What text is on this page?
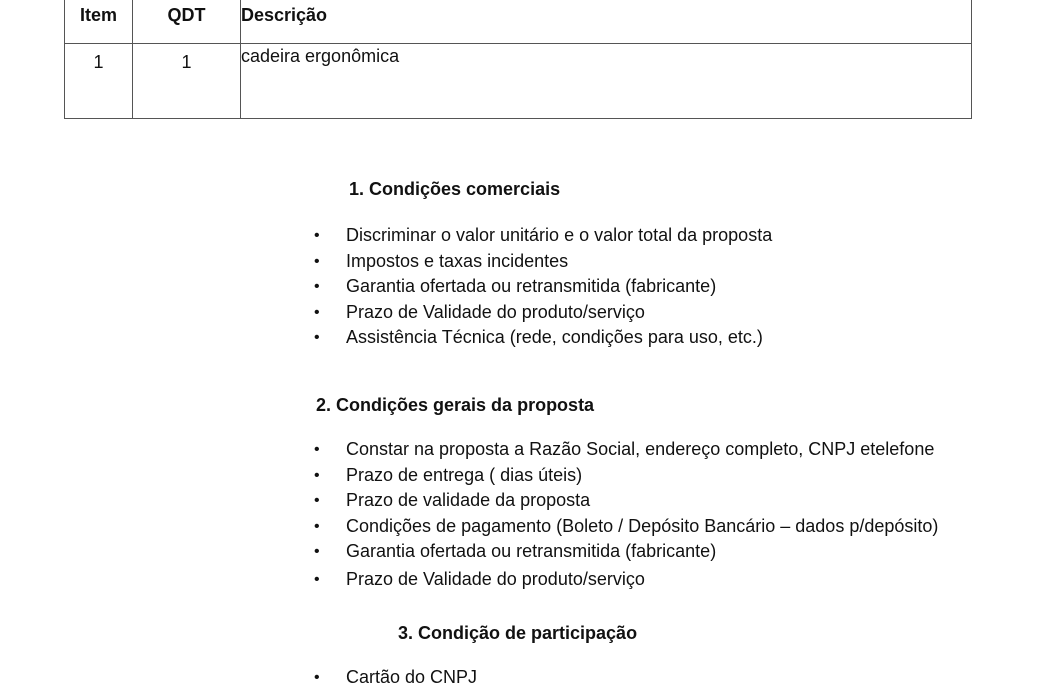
Item	QDT	Descrição
1	1	cadeira ergonômica
1. Condições comerciais
• Discriminar o valor unitário e o valor total da proposta
• Impostos e taxas incidentes
• Garantia ofertada ou retransmitida (fabricante)
• Prazo de Validade do produto/serviço
• Assistência Técnica (rede, condições para uso, etc.)
2. Condições gerais da proposta
• Constar na proposta a Razão Social, endereço completo, CNPJ etelefone
• Prazo de entrega ( dias úteis)
• Prazo de validade da proposta
• Condições de pagamento (Boleto / Depósito Bancário – dados p/depósito)
• Garantia ofertada ou retransmitida (fabricante)
• Prazo de Validade do produto/serviço
3. Condição de participação
• Cartão do CNPJ
